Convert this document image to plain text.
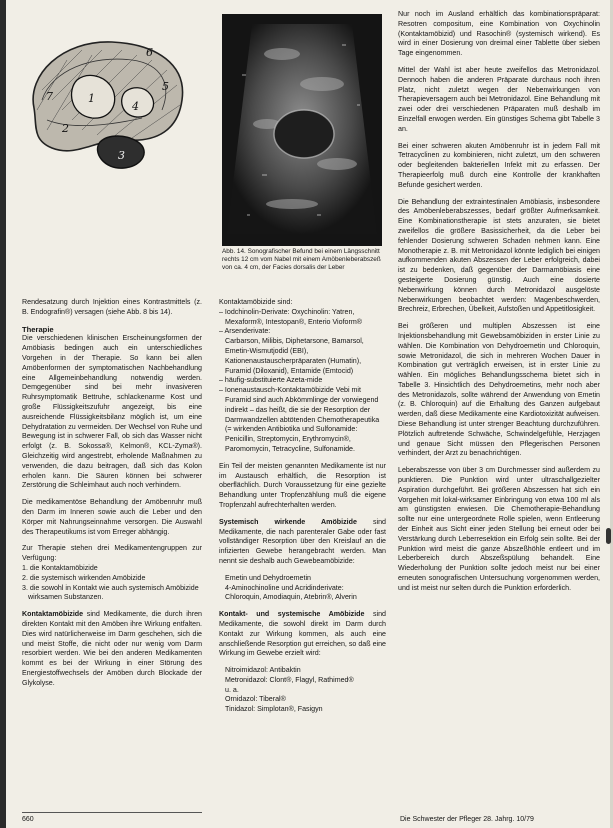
6
5
4
1
2
3
7
Abb. 14. Sonografischer Befund bei einem Längsschnitt rechts 12 cm vom Nabel mit einem Amöbenleberabszeß von ca. 4 cm, der Facies dorsalis der Leber

Rendesatzung durch Injektion eines Kontrastmittels (z. B. Endografin®) versagen (siehe Abb. 8 bis 14).

Therapie

Die verschiedenen klinischen Erscheinungsformen der Amöbiasis bedingen auch ein unterschiedliches Vorgehen in der Therapie. So kann bei allen Amöbenformen der symptomatischen Nachbehandlung eine Allgemeinbehandlung notwendig werden. Demgegenüber sind bei mehr invasiveren Ruhrsymptomatik Bettruhe, schlackenarme Kost und große Flüssigkeitszufuhr angezeigt, bis eine ausreichende Flüssigkeitsbilanz möglich ist, um eine Dehydratation zu vermeiden. Der Wechsel von Ruhe und Bewegung ist in schwerer Fall, ob sich das Wasser nicht erfolgt (z. B. Sokossa®, Kelmon®, KCL-Zyma®). Gleichzeitig wird angestrebt, erholende Maßnahmen zu verwenden, die dazu beitragen, daß sich das Kolon erholen kann. Die Säuren können bei schwerer Zerstörung die Schleimhaut auch noch verhindern.

Die medikamentöse Behandlung der Amöbenruhr muß den Darm im Inneren sowie auch die Leber und den Körper mit Nahrungseinnahme versorgen. Die Auswahl des Therapeutikums ist vom Erreger abhängig.

Zur Therapie stehen drei Medikamentengruppen zur Verfügung:

1. die Kontaktamöbizide
2. die systemisch wirkenden Amöbizide
3. die sowohl in Kontakt wie auch systemisch Amöbizide wirksamen Substanzen.

Kontaktamöbizide sind Medikamente, die durch ihren direkten Kontakt mit den Amöben ihre Wirkung entfalten. Dies wird natürlicherweise im Darm geschehen, sich die und meist Stoffe, die nicht oder nur wenig vom Darm resorbiert werden. Wie bei den anderen Medikamenten kommt es bei der Wirkung in einer Störung des Energiestoffwechsels der Amöben durch Blockade der Glykolyse.

Kontaktamöbizide sind:
– Iodchinolin-Derivate: Oxychinolin: Yatren, Mexaform®, Intestopan®, Enterio Vioform®
– Arsenderivate:
Carbarson, Milibis, Diphetarsone, Bamarsol, Emetin-Wismutjodid (EBI), Kationenaustauscherpräparaten (Humatin), Furamid (Diloxanid), Entamide (Emtocid)
– häufig-substituierte Azeta-mide
– Ionenaustausch-Kontaktamöbizide Vebi mit Furamid sind auch Abkömmlinge der vorwiegend indirekt – das heißt, die sie der Resorption der Darmwandzellen abtötenden Chemotherapeutika (= wirkenden Antibiotika und Sulfonamide: Penicillin, Streptomycin, Erythromycin®, Paromomycin, Tetracycline, Sulfonamide.

Ein Teil der meisten genannten Medikamente ist nur im Austausch erhältlich, die Resorption ist oberflächlich. Durch Voraussetzung für eine gezielte Behandlung unter Tropfenzählung muß die eigene Tropfenzahl aufrechterhalten werden.

Systemisch wirkende Amöbizide sind Medikamente, die nach parenteraler Gabe oder fast vollständiger Resorption über den Kreislauf an die infizierten Gewebe herangebracht werden. Man nennt sie deshalb auch Gewebeamöbizide:

Emetin und Dehydroemetin
4-Aminochinoline und Acridinderivate:
Chloroquin, Amodiaquin, Atebrin®, Alverin

Kontakt- und systemische Amöbizide sind Medikamente, die sowohl direkt im Darm durch Kontakt zur Wirkung kommen, als auch eine anschließende Resorption gut erreichen, so daß eine Wirkung im Gewebe erzielt wird:

Nitroimidazol: Antibaktin
Metronidazol: Clont®, Flagyl, Rathimed®
u. a.
Ornidazol: Tiberal®
Tinidazol: Simplotan®, Fasigyn

Nur noch im Ausland erhältlich das kombinationspräparat: Resotren compositum, eine Kombination von Oxychinolin (Kontaktamöbizid) und Rasochin® (systemisch wirkend). Es wird in einer Dosierung von dreimal einer Tablette über sieben Tage eingenommen.

Mittel der Wahl ist aber heute zweifellos das Metronidazol. Dennoch haben die anderen Präparate durchaus noch ihren Platz, nicht zuletzt wegen der Nebenwirkungen von Therapieversagern auch bei Metronidazol. Eine Behandlung mit zwei oder drei verschiedenen Präparaten muß deshalb im Einzelfall erwogen werden. Ein günstiges Schema gibt Tabelle 3 an.

Bei einer schweren akuten Amöbenruhr ist in jedem Fall mit Tetracyclinen zu kombinieren, nicht zuletzt, um den schweren oder begleitenden bakteriellen Infekt mit zu erfassen. Der Therapieerfolg muß durch eine Kontrolle der krankhaften Befunde gesichert werden.

Die Behandlung der extraintestinalen Amöbiasis, insbesondere des Amöbenleberabszesses, bedarf größter Aufmerksamkeit. Eine Kombinationstherapie ist stets anzuraten, sie bietet zweifellos die größere Basissicherheit, da die Leber bei fehlender Dosierung schweren Schaden nehmen kann. Eine Monotherapie z. B. mit Metronidazol könnte lediglich bei einigen aufkommenden akuten Abszessen der Leber erfolgreich, dabei ist zu bedenken, daß gegenüber der Darmamöbiasis eine gesteigerte Dosierung günstig. Auch eine dosierte Nebenwirkung können durch Metronidazol ausgelöste Nebenwirkungen beobachtet werden: Magenbeschwerden, Brechreiz, Erbrechen, Übelkeit, Aufstoßen und Appetitlosigkeit.

Bei größeren und multiplen Abszessen ist eine Injektionsbehandlung mit Gewebsamöbiziden in erster Linie zu wählen. Die Kombination von Dehydroemetin und Chloroquin, sowie Metronidazol, die sich in mehreren Wochen Dauer in Kombination gut verträglich erweisen, ist in erster Linie zu wählen. Ein mögliches Behandlungsschema bietet sich in Tabelle 3. Hinsichtlich des Dehydroemetins, mehr noch aber des Metronidazols, sollte während der Anwendung von Emetin (z. B. Chloroquin) auf die Erhaltung des Ganzen aufgebaut werden, daß diese Medikamente eine Kardiotoxizität aufweisen. Diese Behandlung ist unter strenger Beachtung durchzuführen. Plötzlich auftretende Schwäche, Schwindelgefühle, Herzjagen und genaue Sicht müssen den Pflegerischen Personen verhindert, der Arzt zu benachrichtigen.

Leberabszesse von über 3 cm Durchmesser sind außerdem zu punktieren. Die Punktion wird unter ultraschallgezielter Aspiration durchgeführt. Bei größeren Abszessen hat sich ein Vorgehen mit lokal-wirksamer Einbringung von etwa 100 ml als am günstigsten erwiesen. Die Chemotherapie-Behandlung sollte nur eine untergeordnete Rolle spielen, wenn Entleerung der Einheit aus Sicht einer jeden Stellung bei erneut oder bei Verstärkung durch Leberresektion ein Erfolg sein sollte. Bei der Punktion wird meist die ganze Abszeßhöhle entleert und im Leberbereich durch Abszeßspülung behandelt. Eine Wiederholung der Punktion sollte jedoch meist nur bei einer erneuten sonografischen Untersuchung vorgenommen werden, und ist meist nur selten durch die Punktion erforderlich.

660	Die Schwester der Pfleger 28. Jahrg. 10/79
